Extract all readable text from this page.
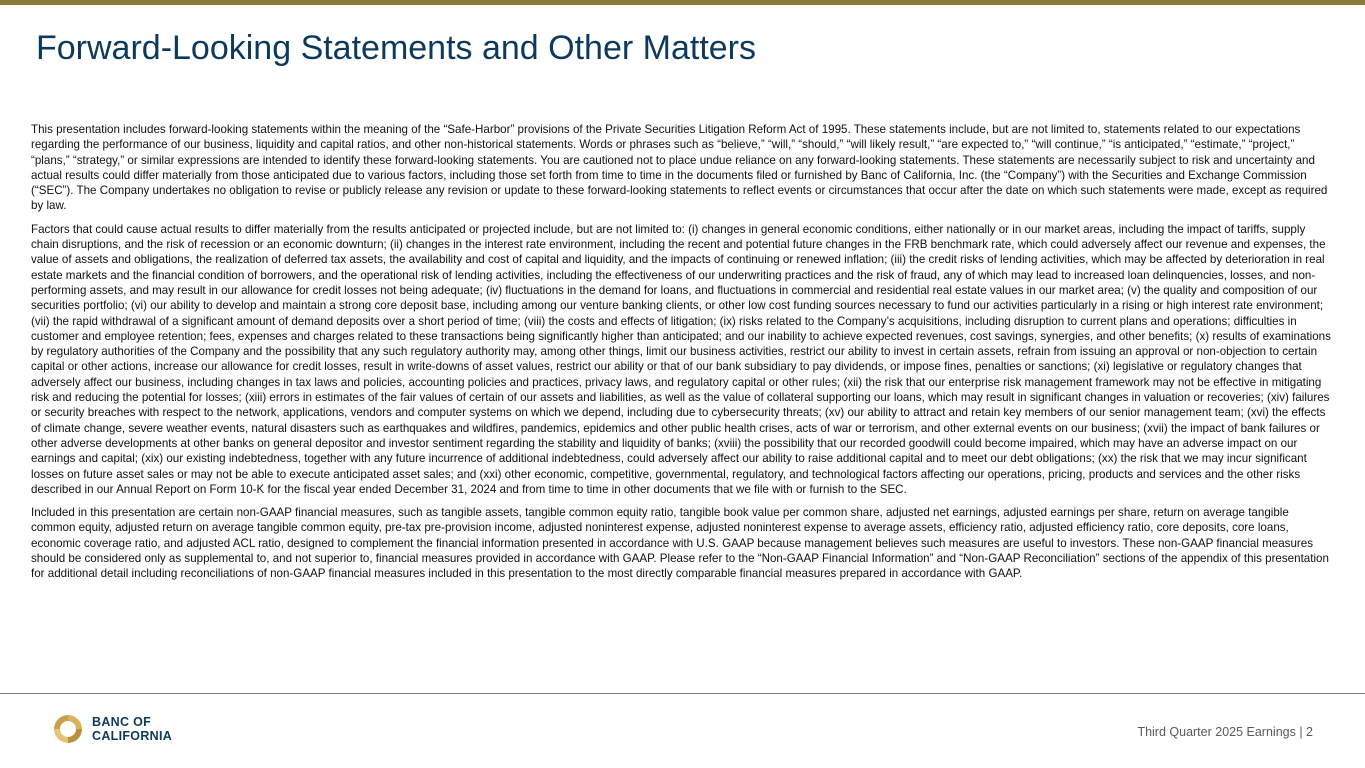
Forward-Looking Statements and Other Matters

This presentation includes forward-looking statements within the meaning of the “Safe-Harbor” provisions of the Private Securities Litigation Reform Act of 1995. These statements include, but are not limited to, statements related to our expectations regarding the performance of our business, liquidity and capital ratios, and other non-historical statements. Words or phrases such as “believe,” “will,” “should,” “will likely result,” “are expected to,” “will continue,” “is anticipated,” “estimate,” “project,” “plans,” “strategy,” or similar expressions are intended to identify these forward-looking statements. You are cautioned not to place undue reliance on any forward-looking statements. These statements are necessarily subject to risk and uncertainty and actual results could differ materially from those anticipated due to various factors, including those set forth from time to time in the documents filed or furnished by Banc of California, Inc. (the “Company”) with the Securities and Exchange Commission (“SEC”). The Company undertakes no obligation to revise or publicly release any revision or update to these forward-looking statements to reflect events or circumstances that occur after the date on which such statements were made, except as required by law.

Factors that could cause actual results to differ materially from the results anticipated or projected include, but are not limited to: (i) changes in general economic conditions, either nationally or in our market areas, including the impact of tariffs, supply chain disruptions, and the risk of recession or an economic downturn; (ii) changes in the interest rate environment, including the recent and potential future changes in the FRB benchmark rate, which could adversely affect our revenue and expenses, the value of assets and obligations, the realization of deferred tax assets, the availability and cost of capital and liquidity, and the impacts of continuing or renewed inflation; (iii) the credit risks of lending activities, which may be affected by deterioration in real estate markets and the financial condition of borrowers, and the operational risk of lending activities, including the effectiveness of our underwriting practices and the risk of fraud, any of which may lead to increased loan delinquencies, losses, and non-performing assets, and may result in our allowance for credit losses not being adequate; (iv) fluctuations in the demand for loans, and fluctuations in commercial and residential real estate values in our market area; (v) the quality and composition of our securities portfolio; (vi) our ability to develop and maintain a strong core deposit base, including among our venture banking clients, or other low cost funding sources necessary to fund our activities particularly in a rising or high interest rate environment; (vii) the rapid withdrawal of a significant amount of demand deposits over a short period of time; (viii) the costs and effects of litigation; (ix) risks related to the Company’s acquisitions, including disruption to current plans and operations; difficulties in customer and employee retention; fees, expenses and charges related to these transactions being significantly higher than anticipated; and our inability to achieve expected revenues, cost savings, synergies, and other benefits; (x) results of examinations by regulatory authorities of the Company and the possibility that any such regulatory authority may, among other things, limit our business activities, restrict our ability to invest in certain assets, refrain from issuing an approval or non-objection to certain capital or other actions, increase our allowance for credit losses, result in write-downs of asset values, restrict our ability or that of our bank subsidiary to pay dividends, or impose fines, penalties or sanctions; (xi) legislative or regulatory changes that adversely affect our business, including changes in tax laws and policies, accounting policies and practices, privacy laws, and regulatory capital or other rules; (xii) the risk that our enterprise risk management framework may not be effective in mitigating risk and reducing the potential for losses; (xiii) errors in estimates of the fair values of certain of our assets and liabilities, as well as the value of collateral supporting our loans, which may result in significant changes in valuation or recoveries; (xiv) failures or security breaches with respect to the network, applications, vendors and computer systems on which we depend, including due to cybersecurity threats; (xv) our ability to attract and retain key members of our senior management team; (xvi) the effects of climate change, severe weather events, natural disasters such as earthquakes and wildfires, pandemics, epidemics and other public health crises, acts of war or terrorism, and other external events on our business; (xvii) the impact of bank failures or other adverse developments at other banks on general depositor and investor sentiment regarding the stability and liquidity of banks; (xviii) the possibility that our recorded goodwill could become impaired, which may have an adverse impact on our earnings and capital; (xix) our existing indebtedness, together with any future incurrence of additional indebtedness, could adversely affect our ability to raise additional capital and to meet our debt obligations; (xx) the risk that we may incur significant losses on future asset sales or may not be able to execute anticipated asset sales; and (xxi) other economic, competitive, governmental, regulatory, and technological factors affecting our operations, pricing, products and services and the other risks described in our Annual Report on Form 10-K for the fiscal year ended December 31, 2024 and from time to time in other documents that we file with or furnish to the SEC.

Included in this presentation are certain non-GAAP financial measures, such as tangible assets, tangible common equity ratio, tangible book value per common share, adjusted net earnings, adjusted earnings per share, return on average tangible common equity, adjusted return on average tangible common equity, pre-tax pre-provision income, adjusted noninterest expense, adjusted noninterest expense to average assets, efficiency ratio, adjusted efficiency ratio, core deposits, core loans, economic coverage ratio, and adjusted ACL ratio, designed to complement the financial information presented in accordance with U.S. GAAP because management believes such measures are useful to investors. These non-GAAP financial measures should be considered only as supplemental to, and not superior to, financial measures provided in accordance with GAAP. Please refer to the “Non-GAAP Financial Information” and “Non-GAAP Reconciliation” sections of the appendix of this presentation for additional detail including reconciliations of non-GAAP financial measures included in this presentation to the most directly comparable financial measures prepared in accordance with GAAP.

BANC OF
CALIFORNIA	Third Quarter 2025 Earnings | 2
